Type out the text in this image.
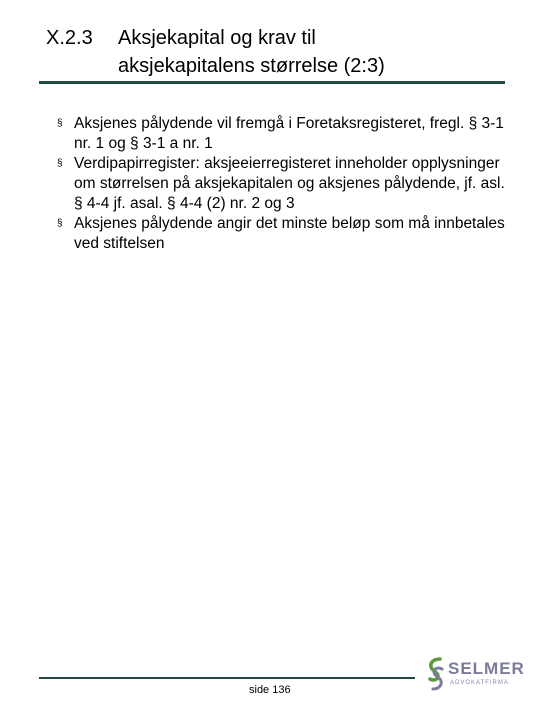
X.2.3	Aksjekapital og krav til
aksjekapitalens størrelse (2:3)
§ Aksjenes pålydende vil fremgå i Foretaksregisteret, fregl. § 3-1 nr. 1 og § 3-1 a nr. 1
§ Verdipapirregister: aksjeeierregisteret inneholder opplysninger om størrelsen på aksjekapitalen og aksjenes pålydende, jf. asl. § 4-4 jf. asal. § 4-4 (2) nr. 2 og 3
§ Aksjenes pålydende angir det minste beløp som må innbetales ved stiftelsen
side 136
SELMER
ADVOKATFIRMA
